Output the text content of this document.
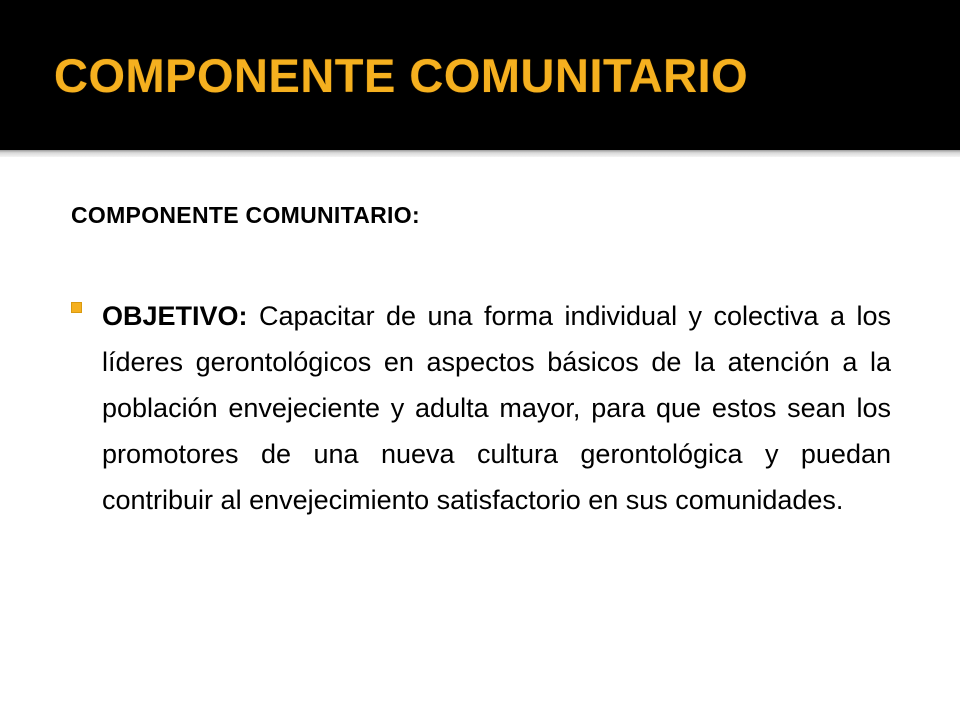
COMPONENTE COMUNITARIO
COMPONENTE COMUNITARIO:

OBJETIVO: Capacitar de una forma individual y colectiva a los líderes gerontológicos en aspectos básicos de la atención a la población envejeciente y adulta mayor, para que estos sean los promotores de una nueva cultura gerontológica y puedan contribuir al envejecimiento satisfactorio en sus comunidades.
